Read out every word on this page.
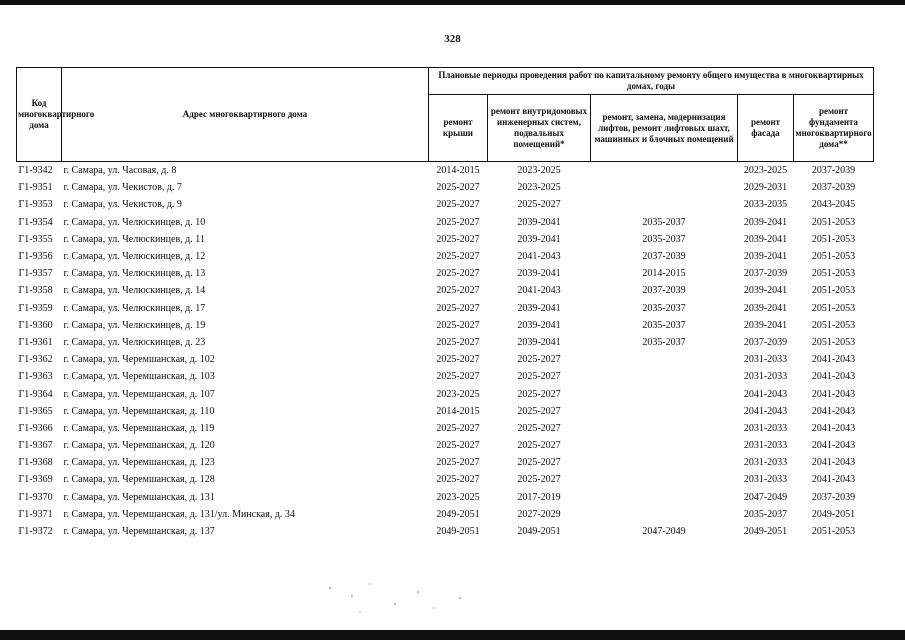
328
Код многоквартирного дома	Адрес многоквартирного дома	Плановые периоды проведения работ по капитальному ремонту общего имущества в многоквартирных домах, годы				
		ремонт крыши	ремонт внутридомовых инженерных систем, подвальных помещений*	ремонт, замена, модернизация лифтов, ремонт лифтовых шахт, машинных и блочных помещений	ремонт фасада	ремонт фундамента многоквартирного дома**
Г1-9342	г. Самара, ул. Часовая, д. 8	2014-2015	2023-2025		2023-2025	2037-2039
Г1-9351	г. Самара, ул. Чекистов, д. 7	2025-2027	2023-2025		2029-2031	2037-2039
Г1-9353	г. Самара, ул. Чекистов, д. 9	2025-2027	2025-2027		2033-2035	2043-2045
Г1-9354	г. Самара, ул. Челюскинцев, д. 10	2025-2027	2039-2041	2035-2037	2039-2041	2051-2053
Г1-9355	г. Самара, ул. Челюскинцев, д. 11	2025-2027	2039-2041	2035-2037	2039-2041	2051-2053
Г1-9356	г. Самара, ул. Челюскинцев, д. 12	2025-2027	2041-2043	2037-2039	2039-2041	2051-2053
Г1-9357	г. Самара, ул. Челюскинцев, д. 13	2025-2027	2039-2041	2014-2015	2037-2039	2051-2053
Г1-9358	г. Самара, ул. Челюскинцев, д. 14	2025-2027	2041-2043	2037-2039	2039-2041	2051-2053
Г1-9359	г. Самара, ул. Челюскинцев, д. 17	2025-2027	2039-2041	2035-2037	2039-2041	2051-2053
Г1-9360	г. Самара, ул. Челюскинцев, д. 19	2025-2027	2039-2041	2035-2037	2039-2041	2051-2053
Г1-9361	г. Самара, ул. Челюскинцев, д. 23	2025-2027	2039-2041	2035-2037	2037-2039	2051-2053
Г1-9362	г. Самара, ул. Черемшанская, д. 102	2025-2027	2025-2027		2031-2033	2041-2043
Г1-9363	г. Самара, ул. Черемшанская, д. 103	2025-2027	2025-2027		2031-2033	2041-2043
Г1-9364	г. Самара, ул. Черемшанская, д. 107	2023-2025	2025-2027		2041-2043	2041-2043
Г1-9365	г. Самара, ул. Черемшанская, д. 110	2014-2015	2025-2027		2041-2043	2041-2043
Г1-9366	г. Самара, ул. Черемшанская, д. 119	2025-2027	2025-2027		2031-2033	2041-2043
Г1-9367	г. Самара, ул. Черемшанская, д. 120	2025-2027	2025-2027		2031-2033	2041-2043
Г1-9368	г. Самара, ул. Черемшанская, д. 123	2025-2027	2025-2027		2031-2033	2041-2043
Г1-9369	г. Самара, ул. Черемшанская, д. 128	2025-2027	2025-2027		2031-2033	2041-2043
Г1-9370	г. Самара, ул. Черемшанская, д. 131	2023-2025	2017-2019		2047-2049	2037-2039
Г1-9371	г. Самара, ул. Черемшанская, д. 131/ул. Минская, д. 34	2049-2051	2027-2029		2035-2037	2049-2051
Г1-9372	г. Самара, ул. Черемшанская, д. 137	2049-2051	2049-2051	2047-2049	2049-2051	2051-2053
